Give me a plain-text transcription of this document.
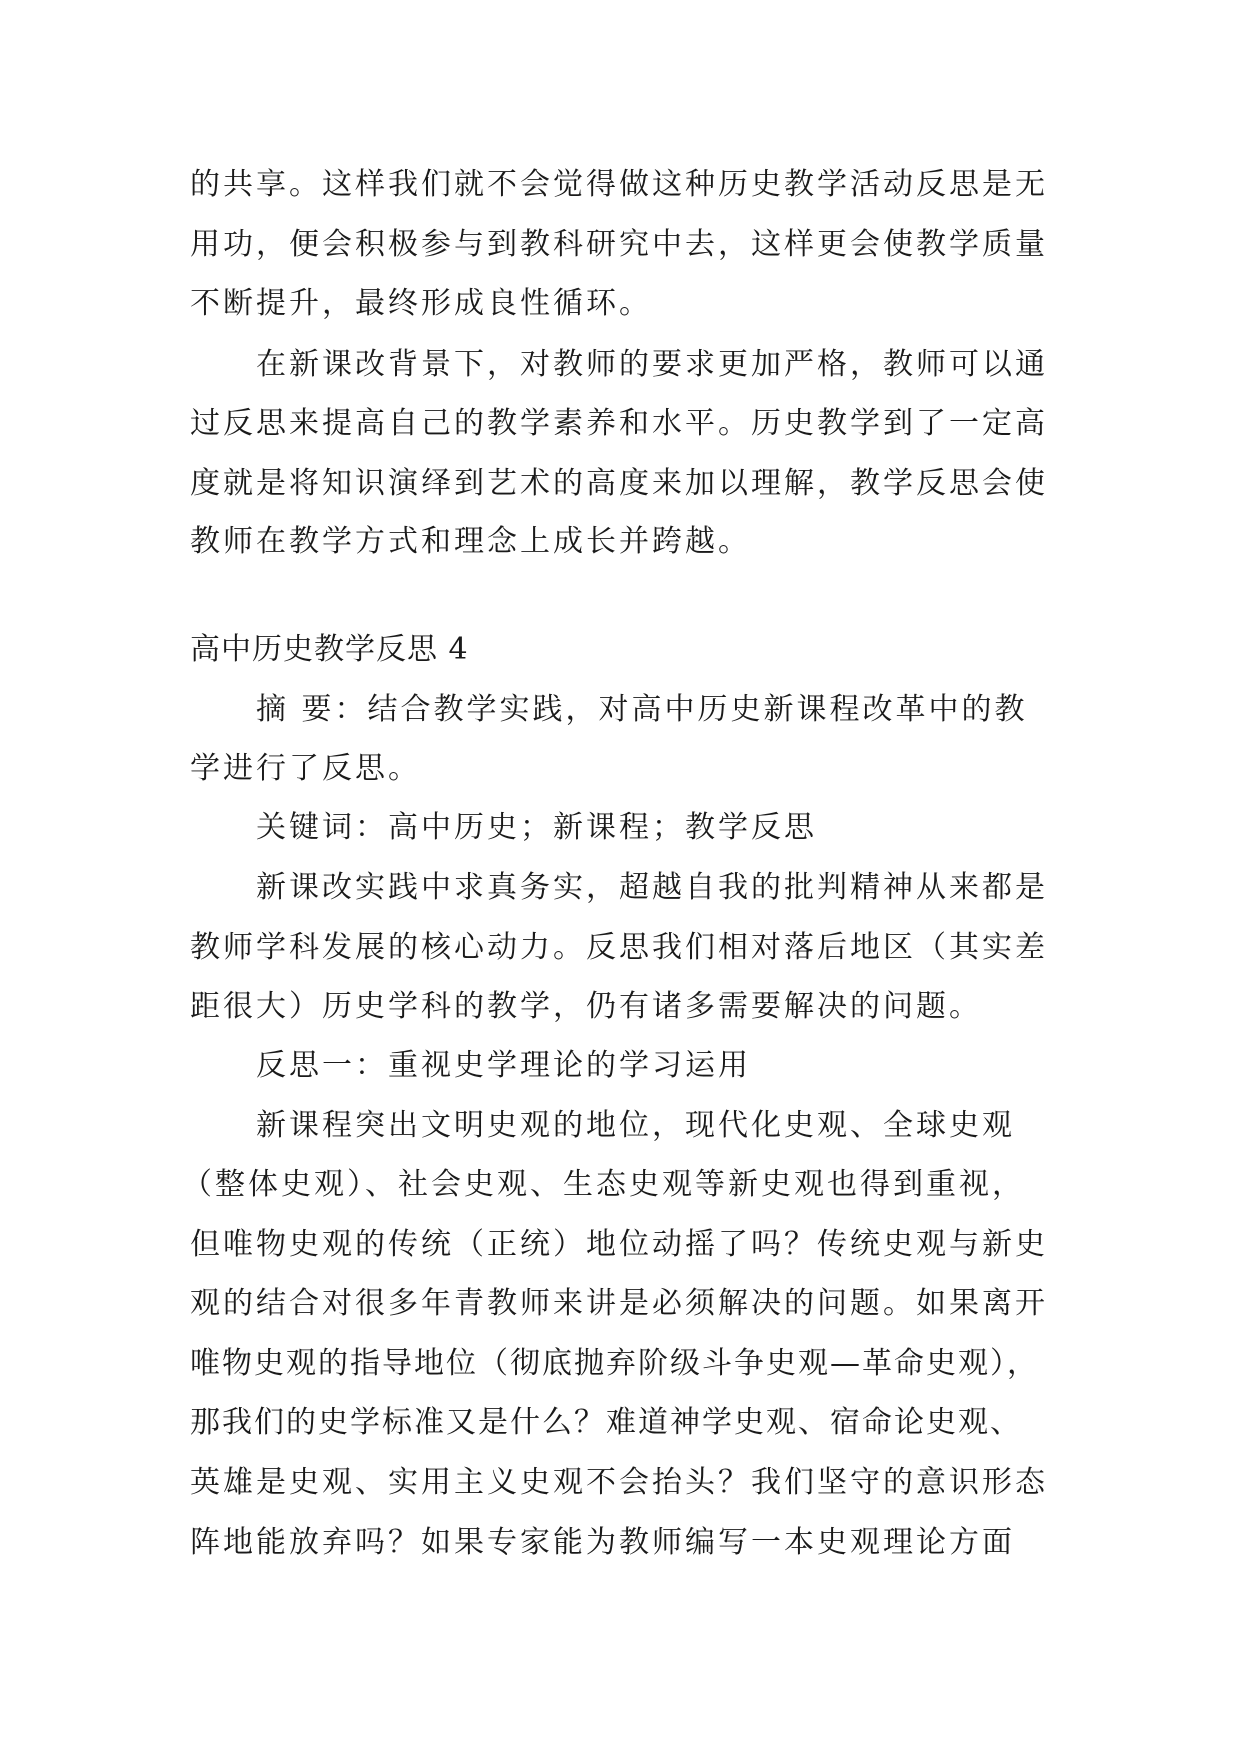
的共享。这样我们就不会觉得做这种历史教学活动反思是无
用功，便会积极参与到教科研究中去，这样更会使教学质量
不断提升，最终形成良性循环。
在新课改背景下，对教师的要求更加严格，教师可以通
过反思来提高自己的教学素养和水平。历史教学到了一定高
度就是将知识演绎到艺术的高度来加以理解，教学反思会使
教师在教学方式和理念上成长并跨越。
高中历史教学反思 4
摘 要：结合教学实践，对高中历史新课程改革中的教
学进行了反思。
关键词：高中历史；新课程；教学反思
新课改实践中求真务实，超越自我的批判精神从来都是
教师学科发展的核心动力。反思我们相对落后地区（其实差
距很大）历史学科的教学，仍有诸多需要解决的问题。
反思一：重视史学理论的学习运用
新课程突出文明史观的地位，现代化史观、全球史观
（整体史观）、社会史观、生态史观等新史观也得到重视，
但唯物史观的传统（正统）地位动摇了吗？传统史观与新史
观的结合对很多年青教师来讲是必须解决的问题。如果离开
唯物史观的指导地位（彻底抛弃阶级斗争史观—革命史观），
那我们的史学标准又是什么？难道神学史观、宿命论史观、
英雄是史观、实用主义史观不会抬头？我们坚守的意识形态
阵地能放弃吗？如果专家能为教师编写一本史观理论方面
